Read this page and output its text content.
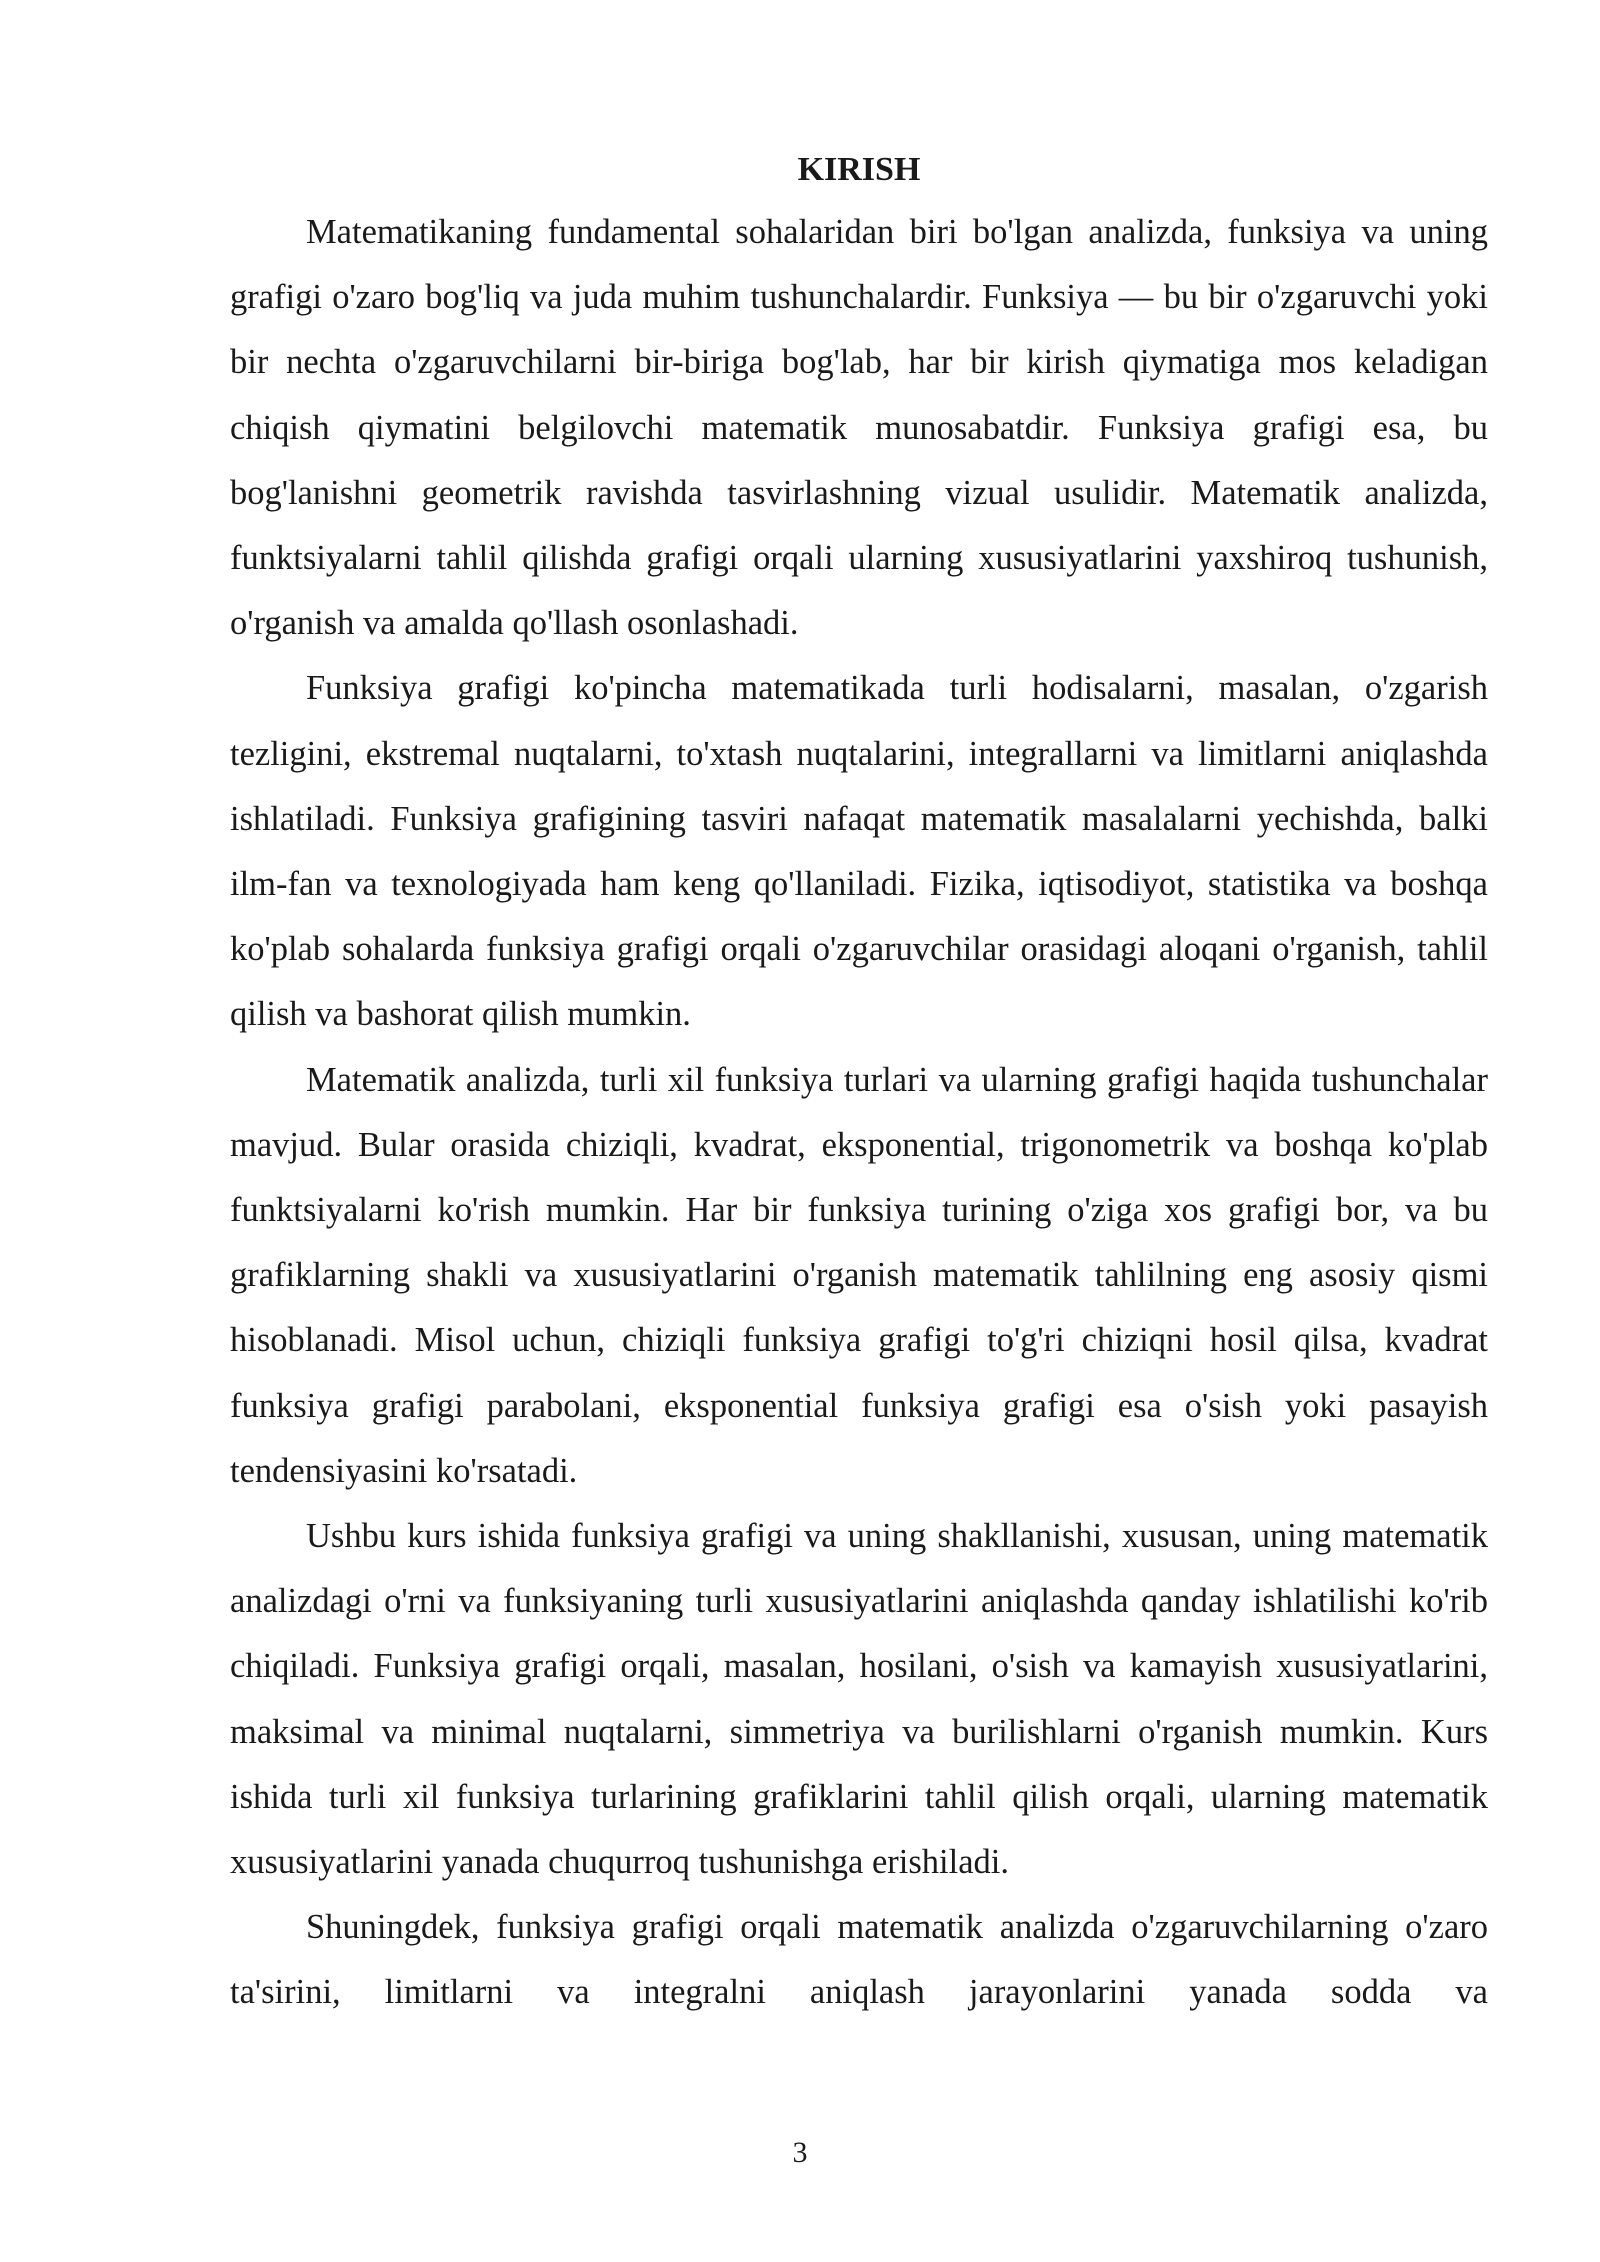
KIRISH

Matematikaning fundamental sohalaridan biri bo'lgan analizda, funksiya va uning grafigi o'zaro bog'liq va juda muhim tushunchalardir. Funksiya — bu bir o'zgaruvchi yoki bir nechta o'zgaruvchilarni bir-biriga bog'lab, har bir kirish qiymatiga mos keladigan chiqish qiymatini belgilovchi matematik munosabatdir. Funksiya grafigi esa, bu bog'lanishni geometrik ravishda tasvirlashning vizual usulidir. Matematik analizda, funktsiyalarni tahlil qilishda grafigi orqali ularning xususiyatlarini yaxshiroq tushunish, o'rganish va amalda qo'llash osonlashadi.

Funksiya grafigi ko'pincha matematikada turli hodisalarni, masalan, o'zgarish tezligini, ekstremal nuqtalarni, to'xtash nuqtalarini, integrallarni va limitlarni aniqlashda ishlatiladi. Funksiya grafigining tasviri nafaqat matematik masalalarni yechishda, balki ilm-fan va texnologiyada ham keng qo'llaniladi. Fizika, iqtisodiyot, statistika va boshqa ko'plab sohalarda funksiya grafigi orqali o'zgaruvchilar orasidagi aloqani o'rganish, tahlil qilish va bashorat qilish mumkin.

Matematik analizda, turli xil funksiya turlari va ularning grafigi haqida tushunchalar mavjud. Bular orasida chiziqli, kvadrat, eksponential, trigonometrik va boshqa ko'plab funktsiyalarni ko'rish mumkin. Har bir funksiya turining o'ziga xos grafigi bor, va bu grafiklarning shakli va xususiyatlarini o'rganish matematik tahlilning eng asosiy qismi hisoblanadi. Misol uchun, chiziqli funksiya grafigi to'g'ri chiziqni hosil qilsa, kvadrat funksiya grafigi parabolani, eksponential funksiya grafigi esa o'sish yoki pasayish tendensiyasini ko'rsatadi.

Ushbu kurs ishida funksiya grafigi va uning shakllanishi, xususan, uning matematik analizdagi o'rni va funksiyaning turli xususiyatlarini aniqlashda qanday ishlatilishi ko'rib chiqiladi. Funksiya grafigi orqali, masalan, hosilani, o'sish va kamayish xususiyatlarini, maksimal va minimal nuqtalarni, simmetriya va burilishlarni o'rganish mumkin. Kurs ishida turli xil funksiya turlarining grafiklarini tahlil qilish orqali, ularning matematik xususiyatlarini yanada chuqurroq tushunishga erishiladi.

Shuningdek, funksiya grafigi orqali matematik analizda o'zgaruvchilarning o'zaro ta'sirini, limitlarni va integralni aniqlash jarayonlarini yanada sodda va

3
